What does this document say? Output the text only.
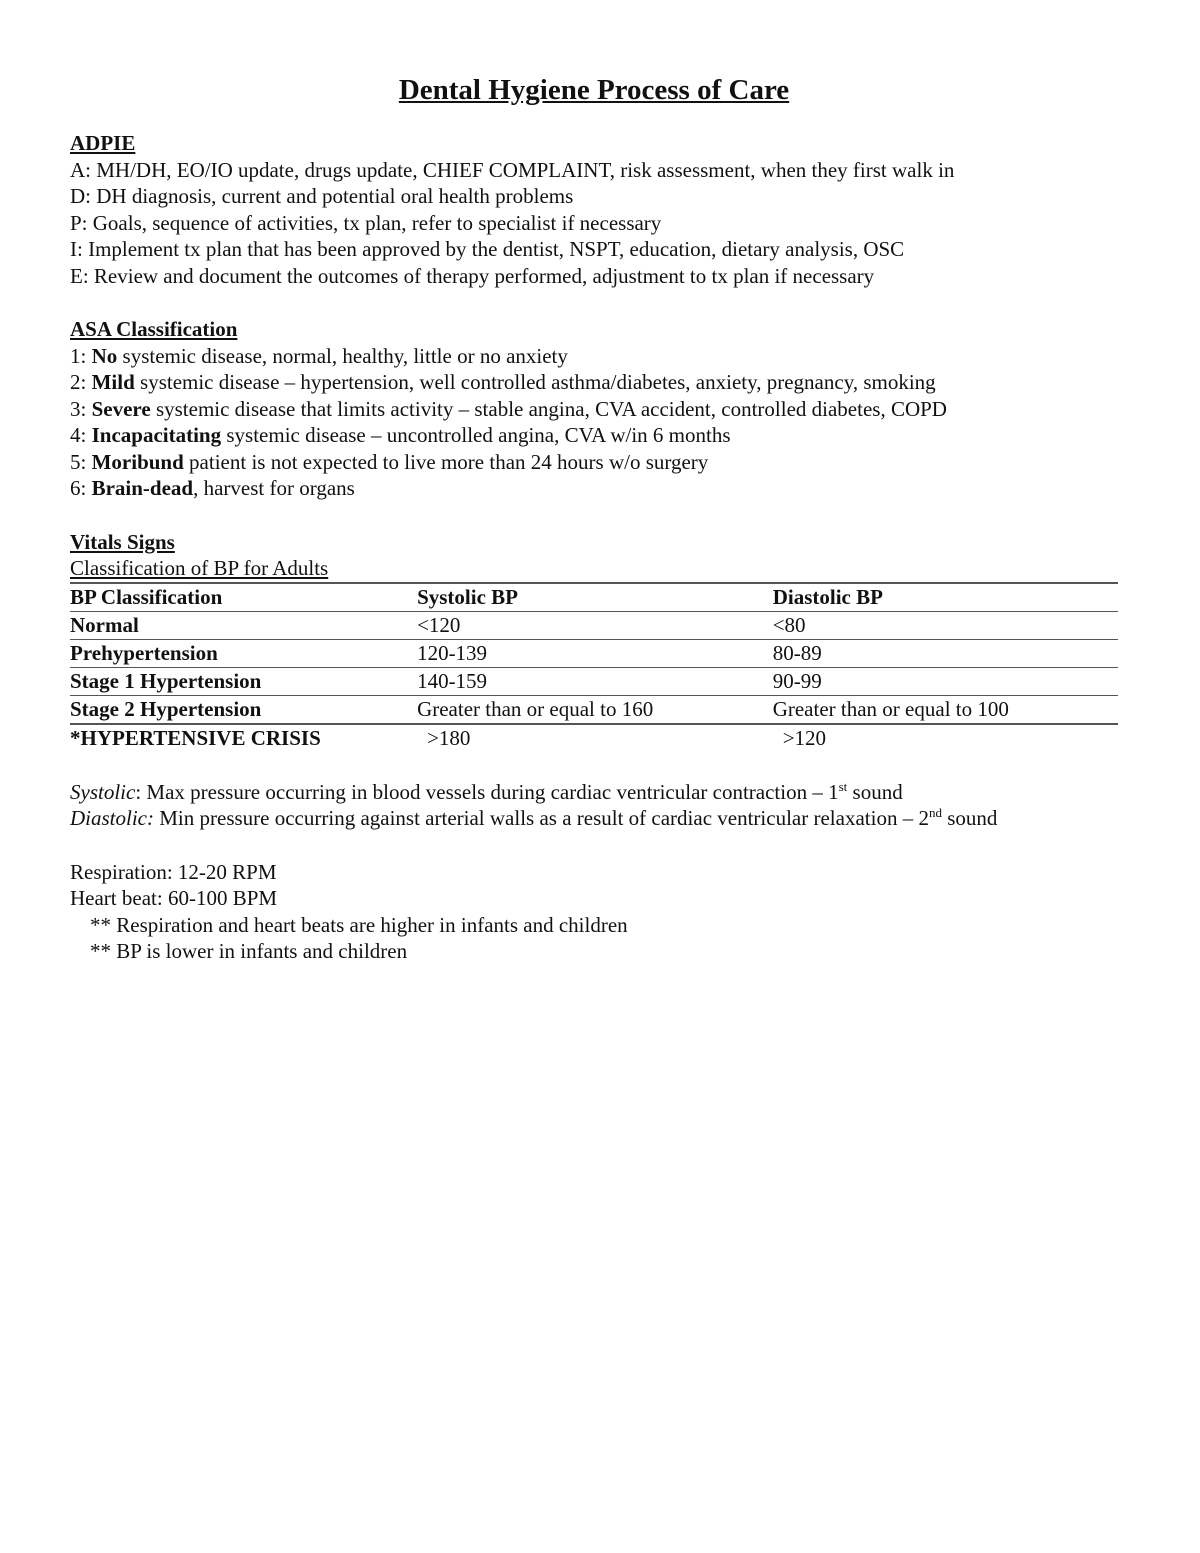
Dental Hygiene Process of Care
ADPIE
A: MH/DH, EO/IO update, drugs update, CHIEF COMPLAINT, risk assessment, when they first walk in
D: DH diagnosis, current and potential oral health problems
P: Goals, sequence of activities, tx plan, refer to specialist if necessary
I: Implement tx plan that has been approved by the dentist, NSPT, education, dietary analysis, OSC
E: Review and document the outcomes of therapy performed, adjustment to tx plan if necessary
ASA Classification
1: No systemic disease, normal, healthy, little or no anxiety
2: Mild systemic disease – hypertension, well controlled asthma/diabetes, anxiety, pregnancy, smoking
3: Severe systemic disease that limits activity – stable angina, CVA accident, controlled diabetes, COPD
4: Incapacitating systemic disease – uncontrolled angina, CVA w/in 6 months
5: Moribund patient is not expected to live more than 24 hours w/o surgery
6: Brain-dead, harvest for organs
Vitals Signs
Classification of BP for Adults
BP Classification	Systolic BP	Diastolic BP
Normal	<120	<80
Prehypertension	120-139	80-89
Stage 1 Hypertension	140-159	90-99
Stage 2 Hypertension	Greater than or equal to 160	Greater than or equal to 100
*HYPERTENSIVE CRISIS	>180	>120
Systolic: Max pressure occurring in blood vessels during cardiac ventricular contraction – 1st sound
Diastolic: Min pressure occurring against arterial walls as a result of cardiac ventricular relaxation – 2nd sound
Respiration: 12-20 RPM
Heart beat: 60-100 BPM
** Respiration and heart beats are higher in infants and children
** BP is lower in infants and children
